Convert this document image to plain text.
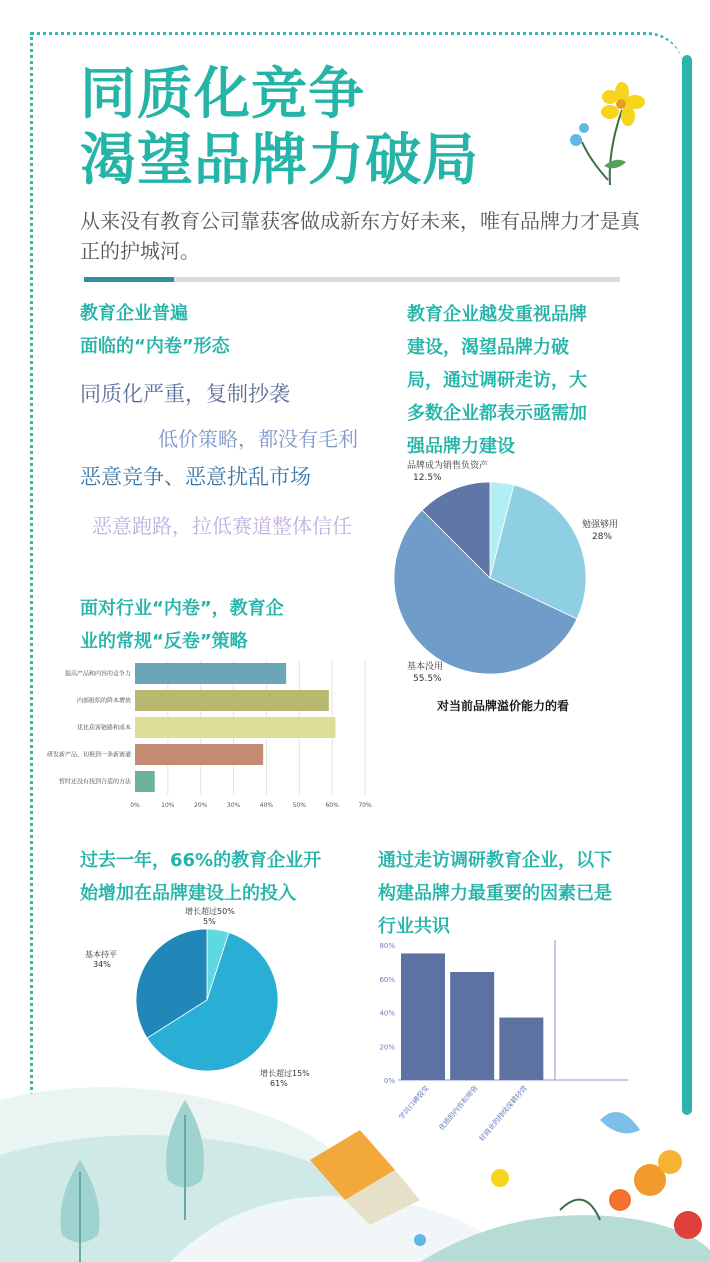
同质化竞争
渴望品牌力破局

从来没有教育公司靠获客做成新东方好未来，唯有品牌力才是真正的护城河。

教育企业普遍
面临的“内卷”形态
同质化严重，复制抄袭
低价策略，都没有毛利
恶意竞争、恶意扰乱市场
恶意跑路，拉低赛道整体信任
教育企业越发重视品牌
建设，渴望品牌力破
局，通过调研走访，大
多数企业都表示亟需加
强品牌力建设
品牌成为销售负资产
12.5%
勉强够用
28%
基本没用
55.5%
对当前品牌溢价能力的看
面对行业“内卷”，教育企
业的常规“反卷”策略
0%	10%	20%	30%	40%	50%	60%	70%
提高产品和内容的竞争力
内部组织的降本增效
优化获客链路和成本
研发新产品、切换到一条新赛道
暂时还没有找到合适的方法
过去一年，66%的教育企业开
始增加在品牌建设上的投入
增长超过50%
5%
增长超过15%
61%
基本持平
34%
通过走访调研教育企业，以下
构建品牌力最重要的因素已是
行业共识
0%
20%
40%
60%
80%
学员口碑裂变 优质的内容和师资
好商业的持续深耕经营
